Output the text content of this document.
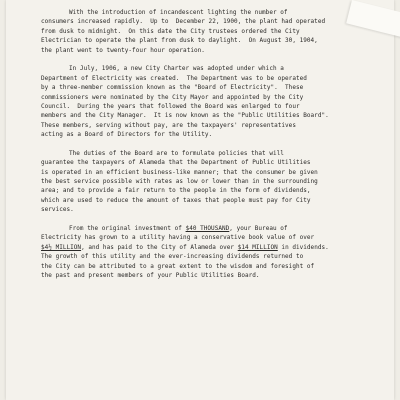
With the introduction of incandescent lighting the number of
consumers increased rapidly.  Up to  December 22, 1900, the plant had operated
from dusk to midnight.  On this date the City trustees ordered the City
Electrician to operate the plant from dusk to daylight.  On August 30, 1904,
the plant went to twenty-four hour operation.
In July, 1906, a new City Charter was adopted under which a
Department of Electricity was created.  The Department was to be operated
by a three-member commission known as the "Board of Electricity".  These
commissioners were nominated by the City Mayor and appointed by the City
Council.  During the years that followed the Board was enlarged to four
members and the City Manager.  It is now known as the "Public Utilities Board".
These members, serving without pay, are the taxpayers' representatives
acting as a Board of Directors for the Utility.
The duties of the Board are to formulate policies that will
guarantee the taxpayers of Alameda that the Department of Public Utilities
is operated in an efficient business-like manner; that the consumer be given
the best service possible with rates as low or lower than in the surrounding
area; and to provide a fair return to the people in the form of dividends,
which are used to reduce the amount of taxes that people must pay for City
services.
From the original investment of $40 THOUSAND, your Bureau of
Electricity has grown to a utility having a conservative book value of over
$4½ MILLION, and has paid to the City of Alameda over $14 MILLION in dividends.
The growth of this utility and the ever-increasing dividends returned to
the City can be attributed to a great extent to the wisdom and foresight of
the past and present members of your Public Utilities Board.
